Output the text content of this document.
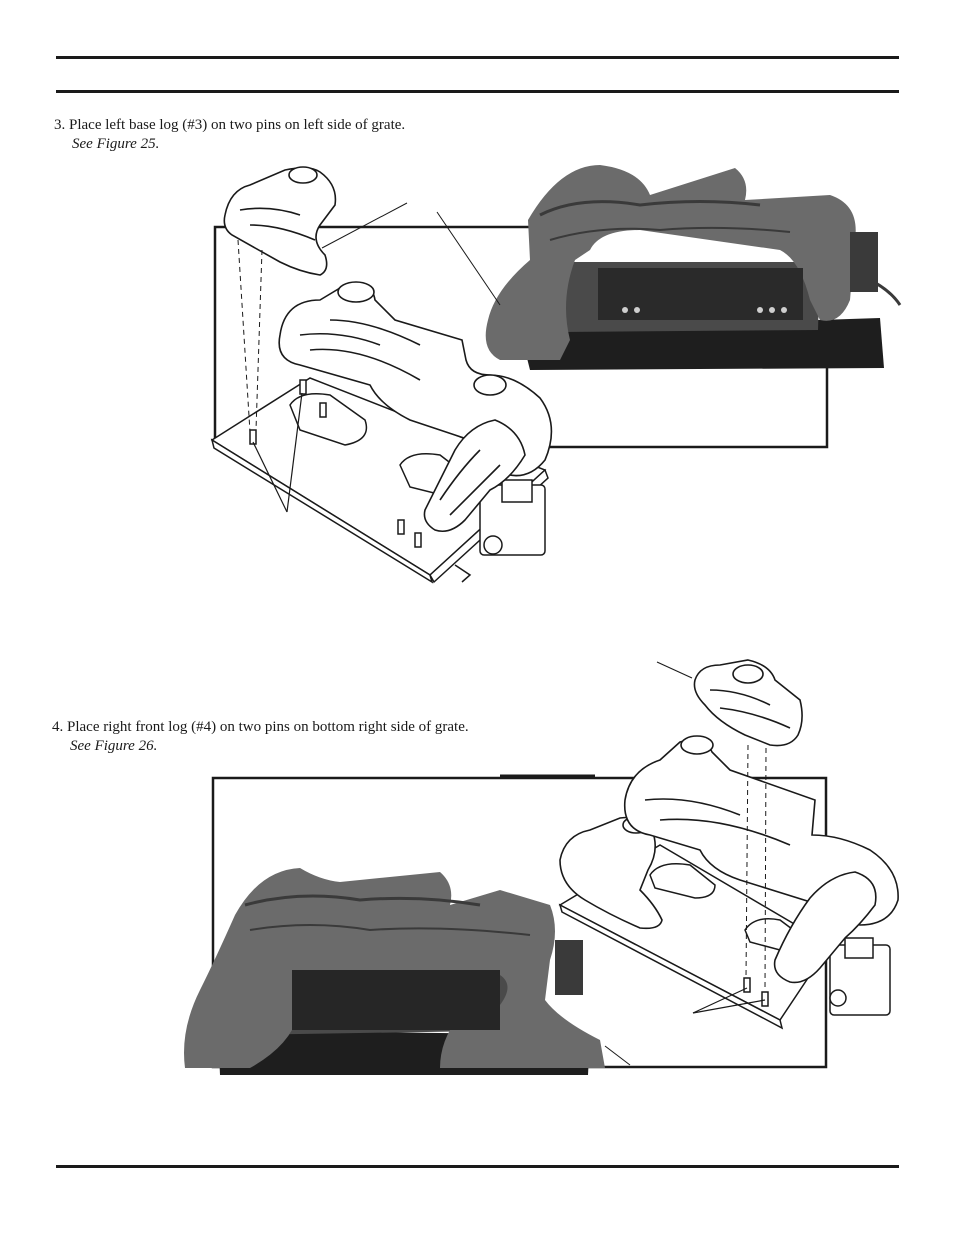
3. Place left base log (#3) on two pins on left side of grate.
See Figure 25.
4. Place right front log (#4) on two pins on bottom right side of grate.
See Figure 26.
